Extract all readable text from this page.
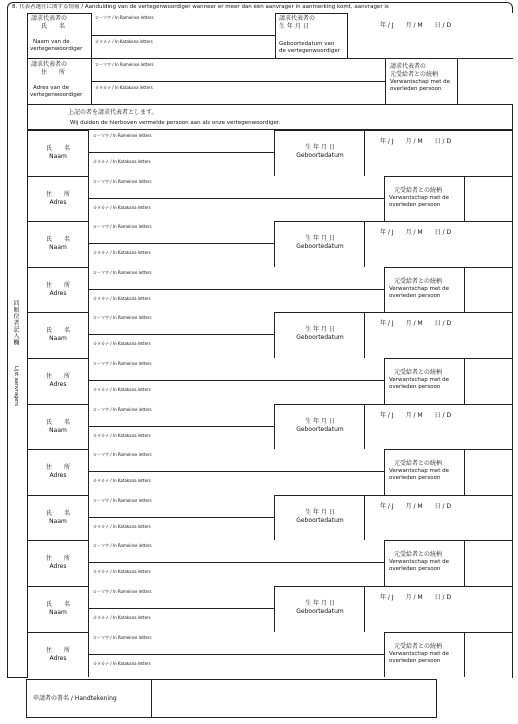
8. 代表者選任に関する情報 / Aanduiding van de vertegenwoordiger wanneer er meer dan één aanvrager in aanmerking komt, aanvrager is
請求代表者の
氏　　名
Naam van de
vertegenwoordiger
ローマ字 / In Romeinse letters
カタカナ / In Katakana letters
請求代表者の
生 年 月 日
Geboortedatum van
de vertegenwoordiger
年 / J　　月 / M　　日 / D
請求代表者の
住　　所
Adres van de
vertegenwoordiger
ローマ字 / In Romeinse letters
カタカナ / In Katakana letters
請求代表者の
元受給者との続柄
Verwantschap met de
overleden persoon
上記の者を請求代表者とします。
Wij duiden de hierboven vermelde persoon aan als onze vertegenwoordiger.
同順位者記入欄
Lijst aanvragers
氏　　名
Naam
ローマ字 / In Romeinse letters
カタカナ / In Katakana letters
生 年 月 日
Geboortedatum
年 / J　　月 / M　　日 / D
住　　所
Adres
ローマ字 / In Romeinse letters
カタカナ / In Katakana letters
元受給者との続柄
Verwantschap met de
overleden persoon
氏　　名
Naam
ローマ字 / In Romeinse letters
カタカナ / In Katakana letters
生 年 月 日
Geboortedatum
年 / J　　月 / M　　日 / D
住　　所
Adres
ローマ字 / In Romeinse letters
カタカナ / In Katakana letters
元受給者との続柄
Verwantschap met de
overleden persoon
氏　　名
Naam
ローマ字 / In Romeinse letters
カタカナ / In Katakana letters
生 年 月 日
Geboortedatum
年 / J　　月 / M　　日 / D
住　　所
Adres
ローマ字 / In Romeinse letters
カタカナ / In Katakana letters
元受給者との続柄
Verwantschap met de
overleden persoon
氏　　名
Naam
ローマ字 / In Romeinse letters
カタカナ / In Katakana letters
生 年 月 日
Geboortedatum
年 / J　　月 / M　　日 / D
住　　所
Adres
ローマ字 / In Romeinse letters
カタカナ / In Katakana letters
元受給者との続柄
Verwantschap met de
overleden persoon
氏　　名
Naam
ローマ字 / In Romeinse letters
カタカナ / In Katakana letters
生 年 月 日
Geboortedatum
年 / J　　月 / M　　日 / D
住　　所
Adres
ローマ字 / In Romeinse letters
カタカナ / In Katakana letters
元受給者との続柄
Verwantschap met de
overleden persoon
氏　　名
Naam
ローマ字 / In Romeinse letters
カタカナ / In Katakana letters
生 年 月 日
Geboortedatum
年 / J　　月 / M　　日 / D
住　　所
Adres
ローマ字 / In Romeinse letters
カタカナ / In Katakana letters
元受給者との続柄
Verwantschap met de
overleden persoon
申請者の署名 / Handtekening
